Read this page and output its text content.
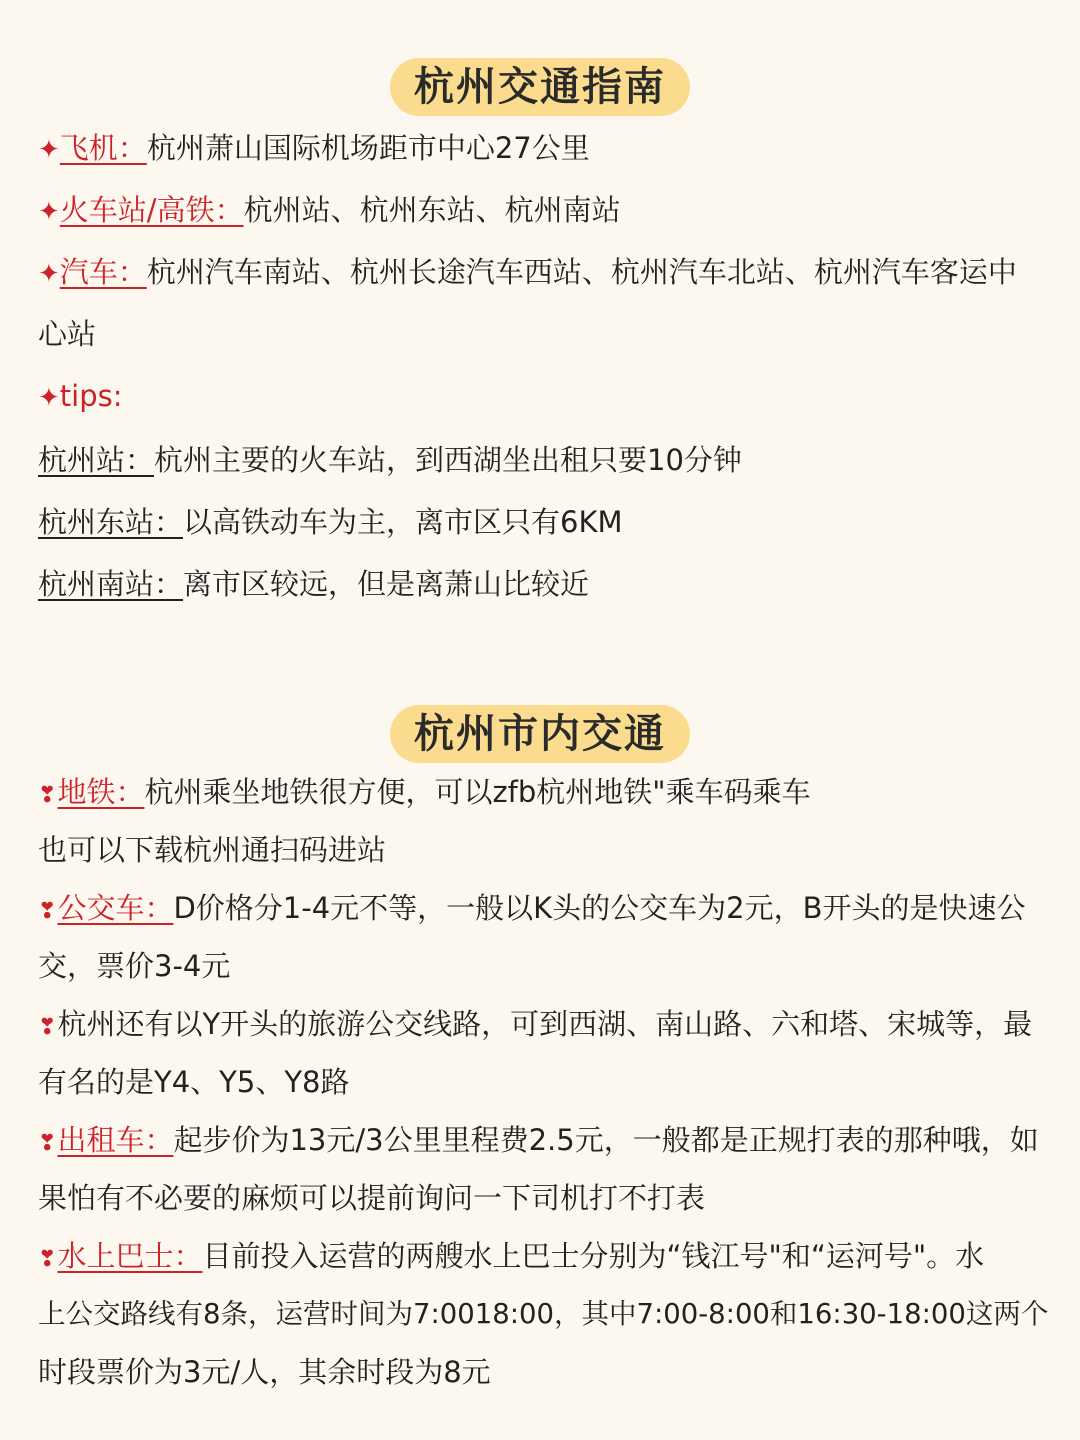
杭州交通指南
✦飞机：杭州萧山国际机场距市中心27公里
✦火车站/高铁：杭州站、杭州东站、杭州南站
✦汽车：杭州汽车南站、杭州长途汽车西站、杭州汽车北站、杭州汽车客运中
心站
✦tips:
杭州站：杭州主要的火车站，到西湖坐出租只要10分钟
杭州东站：以高铁动车为主，离市区只有6KM
杭州南站：离市区较远，但是离萧山比较近
杭州市内交通
❣地铁：杭州乘坐地铁很方便，可以zfb杭州地铁"乘车码乘车
也可以下载杭州通扫码进站
❣公交车：D价格分1-4元不等，一般以K头的公交车为2元，B开头的是快速公
交，票价3-4元
❣杭州还有以Y开头的旅游公交线路，可到西湖、南山路、六和塔、宋城等，最
有名的是Y4、Y5、Y8路
❣出租车：起步价为13元/3公里里程费2.5元，一般都是正规打表的那种哦，如
果怕有不必要的麻烦可以提前询问一下司机打不打表
❣水上巴士：目前投入运营的两艘水上巴士分别为“钱江号"和“运河号"。水
上公交路线有8条，运营时间为7:0018:00，其中7:00-8:00和16:30-18:00这两个
时段票价为3元/人，其余时段为8元
